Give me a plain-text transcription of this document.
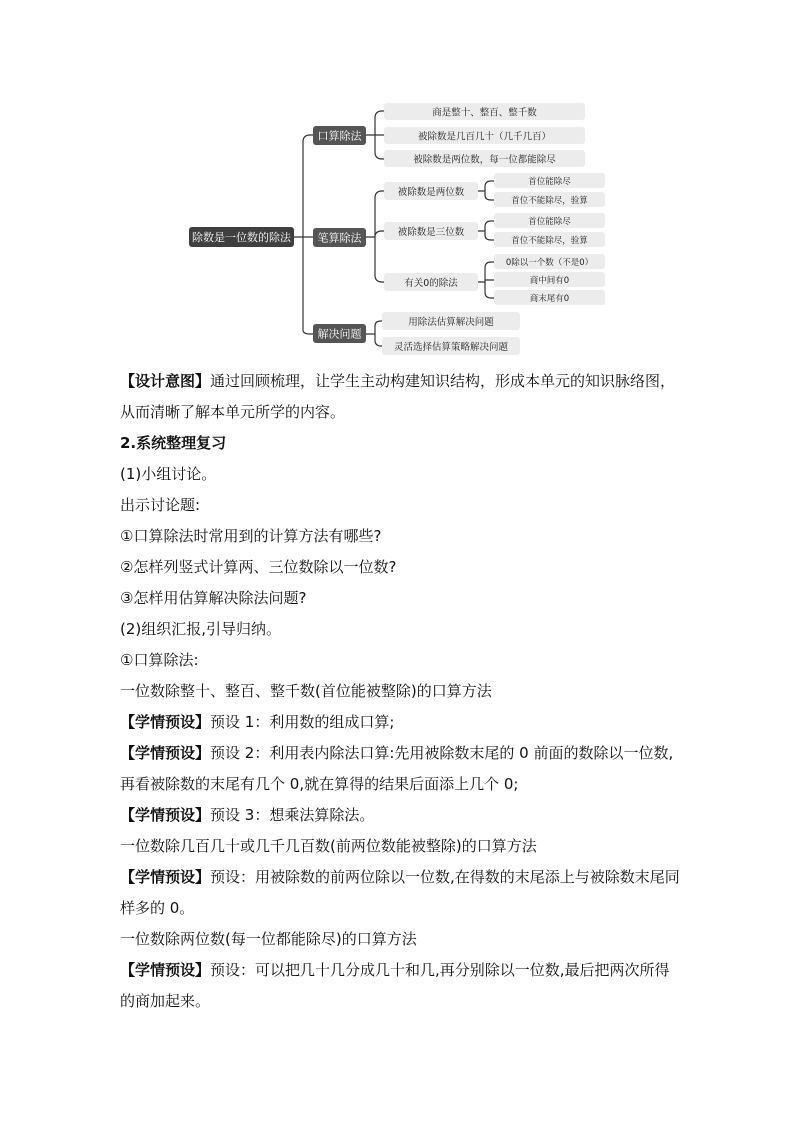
除数是一位数的除法
口算除法
笔算除法
解决问题
商是整十、整百、整千数
被除数是几百几十（几千几百）
被除数是两位数，每一位都能除尽
被除数是两位数
被除数是三位数
有关0的除法
首位能除尽
首位不能除尽，验算
首位能除尽
首位不能除尽，验算
0除以一个数（不是0）
商中间有0
商末尾有0
用除法估算解决问题
灵活选择估算策略解决问题
【设计意图】通过回顾梳理，让学生主动构建知识结构，形成本单元的知识脉络图，从而清晰了解本单元所学的内容。
2.系统整理复习
(1)小组讨论。
出示讨论题:
①口算除法时常用到的计算方法有哪些?
②怎样列竖式计算两、三位数除以一位数?
③怎样用估算解决除法问题?
(2)组织汇报,引导归纳。
①口算除法:
一位数除整十、整百、整千数(首位能被整除)的口算方法
【学情预设】预设 1：利用数的组成口算;
【学情预设】预设 2：利用表内除法口算:先用被除数末尾的 0 前面的数除以一位数,再看被除数的末尾有几个 0,就在算得的结果后面添上几个 0;
【学情预设】预设 3：想乘法算除法。
一位数除几百几十或几千几百数(前两位数能被整除)的口算方法
【学情预设】预设：用被除数的前两位除以一位数,在得数的末尾添上与被除数末尾同样多的 0。
一位数除两位数(每一位都能除尽)的口算方法
【学情预设】预设：可以把几十几分成几十和几,再分别除以一位数,最后把两次所得的商加起来。
